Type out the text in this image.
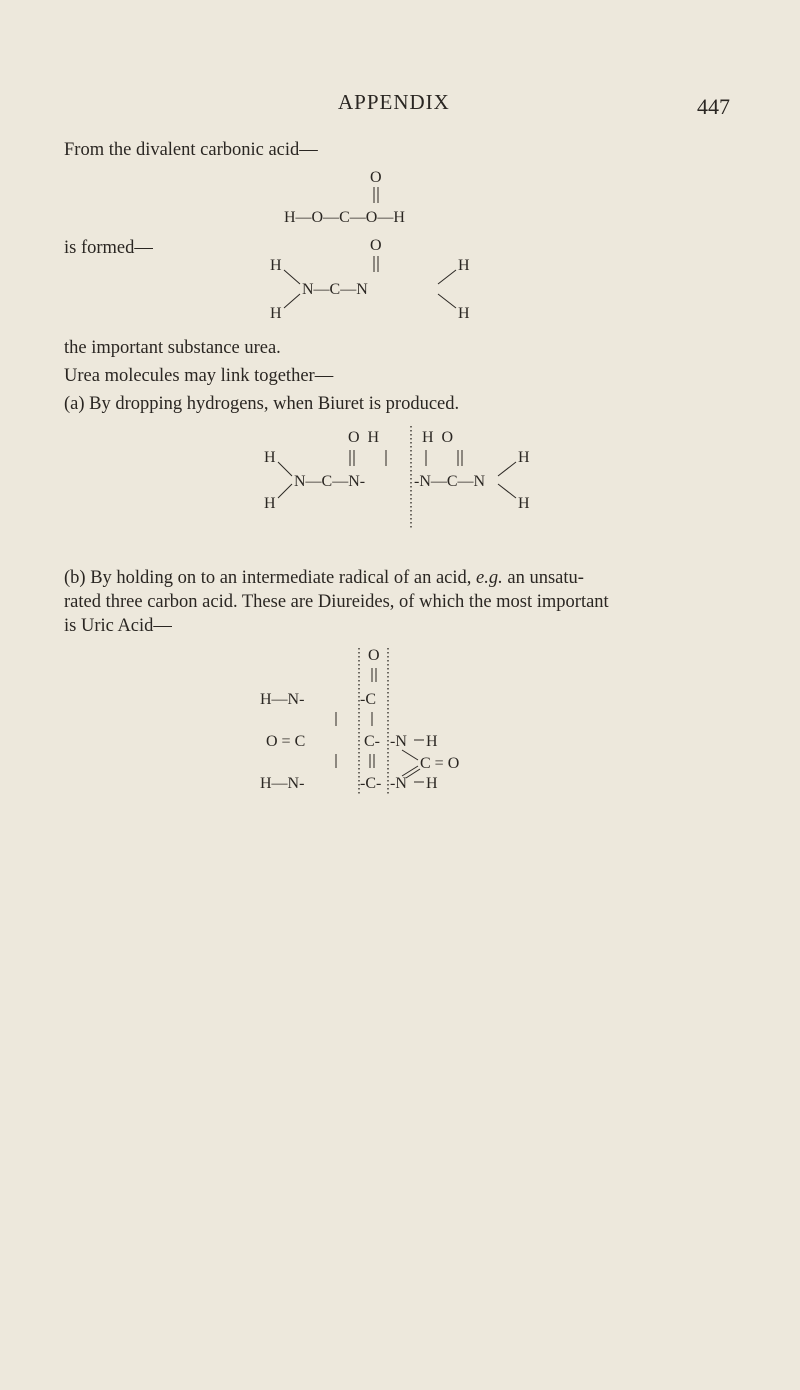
APPENDIX	447
From the divalent carbonic acid—
is formed—
the important substance urea.
Urea molecules may link together—
(a) By dropping hydrogens, when Biuret is produced.
(b) By holding on to an intermediate radical of an acid, e.g. an unsatu-
rated three carbon acid. These are Diureides, of which the most important
is Uric Acid—
O
H—O—C—O—H
O
H
H
N—C—N
H
H
O  H	H  O
H
H
N—C—N-	-N—C—N
H
H
O
H—N-	-C
O = C	C- -N H
C = O
H—N-	-C- -N H
